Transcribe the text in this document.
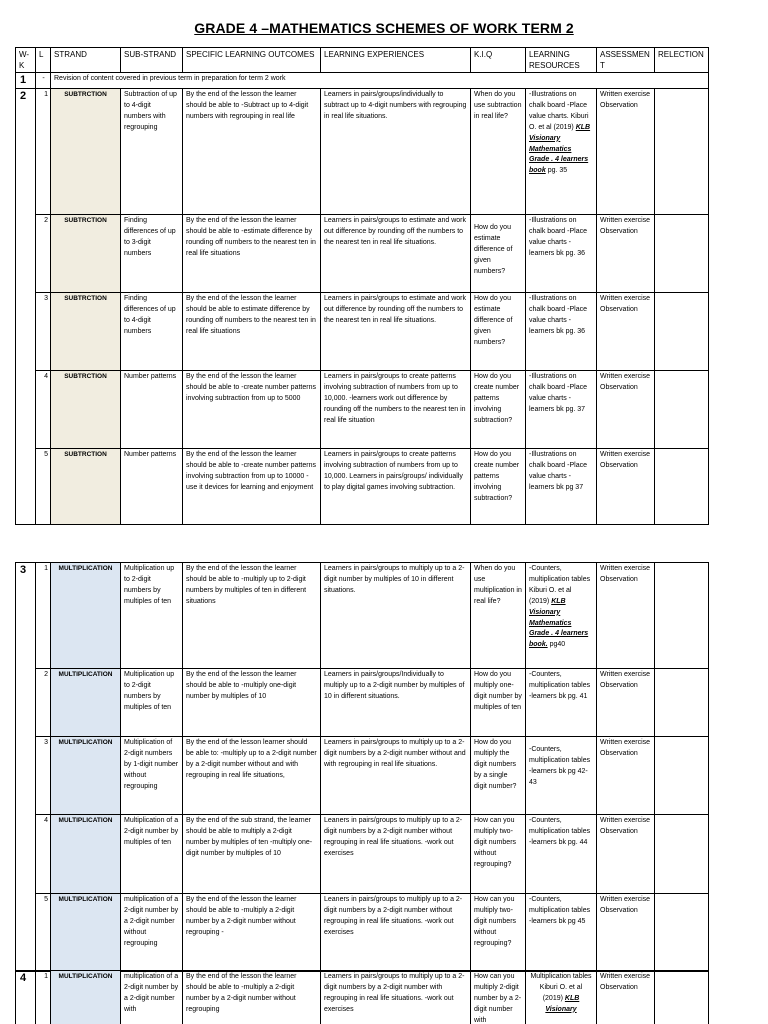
GRADE 4 –MATHEMATICS SCHEMES OF WORK TERM 2
W-K	L	STRAND	SUB-STRAND	SPECIFIC LEARNING OUTCOMES	LEARNING EXPERIENCES	K.I.Q	LEARNING RESOURCES	ASSESSMENT	RELECTION
1	-	Revision of content covered in previous term in preparation for term 2 work							
2	1	SUBTRCTION	Subtraction of up to 4-digit numbers with regrouping	By the end of the lesson the learner should be able to -Subtract up to 4-digit numbers with regrouping in real life	Learners in pairs/groups/individually to subtract up to 4-digit numbers with regrouping in real life situations.	When do you use subtraction in real life?	-Illustrations on chalk board -Place value charts. Kiburi O. et al (2019) KLB Visionary Mathematics Grade . 4 learners book pg. 35	Written exercise Observation	
	2	SUBTRCTION	Finding differences of up to 3-digit numbers	By the end of the lesson the learner should be able to -estimate difference by rounding off numbers to the nearest ten in real life situations	Learners in pairs/groups to estimate and work out difference by rounding off the numbers to the nearest ten in real life situations.	How do you estimate difference of given numbers?	-Illustrations on chalk board -Place value charts -learners bk pg. 36	Written exercise Observation	
	3	SUBTRCTION	Finding differences of up to 4-digit numbers	By the end of the lesson the learner should be able to estimate difference by rounding off numbers to the nearest ten in real life situations	Learners in pairs/groups to estimate and work out difference by rounding off the numbers to the nearest ten in real life situations.	How do you estimate difference of given numbers?	-Illustrations on chalk board -Place value charts -learners bk pg. 36	Written exercise Observation	
	4	SUBTRCTION	Number patterns	By the end of the lesson the learner should be able to -create number patterns involving subtraction from up to 5000	Learners in pairs/groups to create patterns involving subtraction of numbers from up to 10,000. -learners work out difference by rounding off the numbers to the nearest ten in real life situation	How do you create number patterns involving subtraction?	-Illustrations on chalk board -Place value charts -learners bk pg. 37	Written exercise Observation	
	5	SUBTRCTION	Number patterns	By the end of the lesson the learner should be able to -create number patterns involving subtraction from up to 10000 -use it devices for learning and enjoyment	Learners in pairs/groups to create patterns involving subtraction of numbers from up to 10,000. Learners in pairs/groups/ individually to play digital games involving subtraction.	How do you create number patterns involving subtraction?	-Illustrations on chalk board -Place value charts -learners bk pg 37	Written exercise Observation	
3	1	MULTIPLICATION	Multiplication up to 2-digit numbers by multiples of ten	By the end of the lesson the learner should be able to -multiply up to 2-digit numbers by multiples of ten in different situations	Learners in pairs/groups to multiply up to a 2-digit number by multiples of 10 in different situations.	When do you use multiplication in real life?	-Counters, multiplication tables Kiburi O. et al (2019) KLB Visionary Mathematics Grade . 4 learners book. pg40	Written exercise Observation	
	2	MULTIPLICATION	Multiplication up to 2-digit numbers by multiples of ten	By the end of the lesson the learner should be able to -multiply one-digit number by multiples of 10	Learners in pairs/groups/Individually to multiply up to a 2-digit number by multiples of 10 in different situations.	How do you multiply one-digit number by multiples of ten	-Counters, multiplication tables -learners bk pg. 41	Written exercise Observation	
	3	MULTIPLICATION	Multiplication of 2-digit numbers by 1-digit number without regrouping	By the end of the lesson learner should be able to: -multiply up to a 2-digit number by a 2-digit number without and with regrouping in real life situations,	Learners in pairs/groups to multiply up to a 2-digit numbers by a 2-digit number without and with regrouping in real life situations.	How do you multiply the digit numbers by a single digit number?	-Counters, multiplication tables -learners bk pg 42-43	Written exercise Observation	
	4	MULTIPLICATION	Multiplication of a 2-digit number by multiples of ten	By the end of the sub strand, the learner should be able to multiply a 2-digit number by multiples of ten -multiply one-digit number by multiples of 10	Leaners in pairs/groups to multiply up to a 2-digit numbers by a 2-digit number without regrouping in real life situations. -work out exercises	How can you multiply two-digit numbers without regrouping?	-Counters, multiplication tables -learners bk pg. 44	Written exercise Observation	
	5	MULTIPLICATION	multiplication of a 2-digit number by a 2-digit number without regrouping	By the end of the lesson the learner should be able to -multiply a 2-digit number by a 2-digit number without regrouping -	Leaners in pairs/groups to multiply up to a 2-digit numbers by a 2-digit number without regrouping in real life situations. -work out exercises	How can you multiply two-digit numbers without regrouping?	-Counters, multiplication tables -learners bk pg 45	Written exercise Observation	
4	1	MULTIPLICATION	multiplication of a 2-digit number by a 2-digit number with	By the end of the lesson the learner should be able to -multiply a 2-digit number by a 2-digit number without regrouping	Learners in pairs/groups to multiply up to a 2-digit numbers by a 2-digit number with regrouping in real life situations. -work out exercises	How can you multiply 2-digit number by a 2-digit number with	Multiplication tables Kiburi O. et al (2019) KLB Visionary	Written exercise Observation	
